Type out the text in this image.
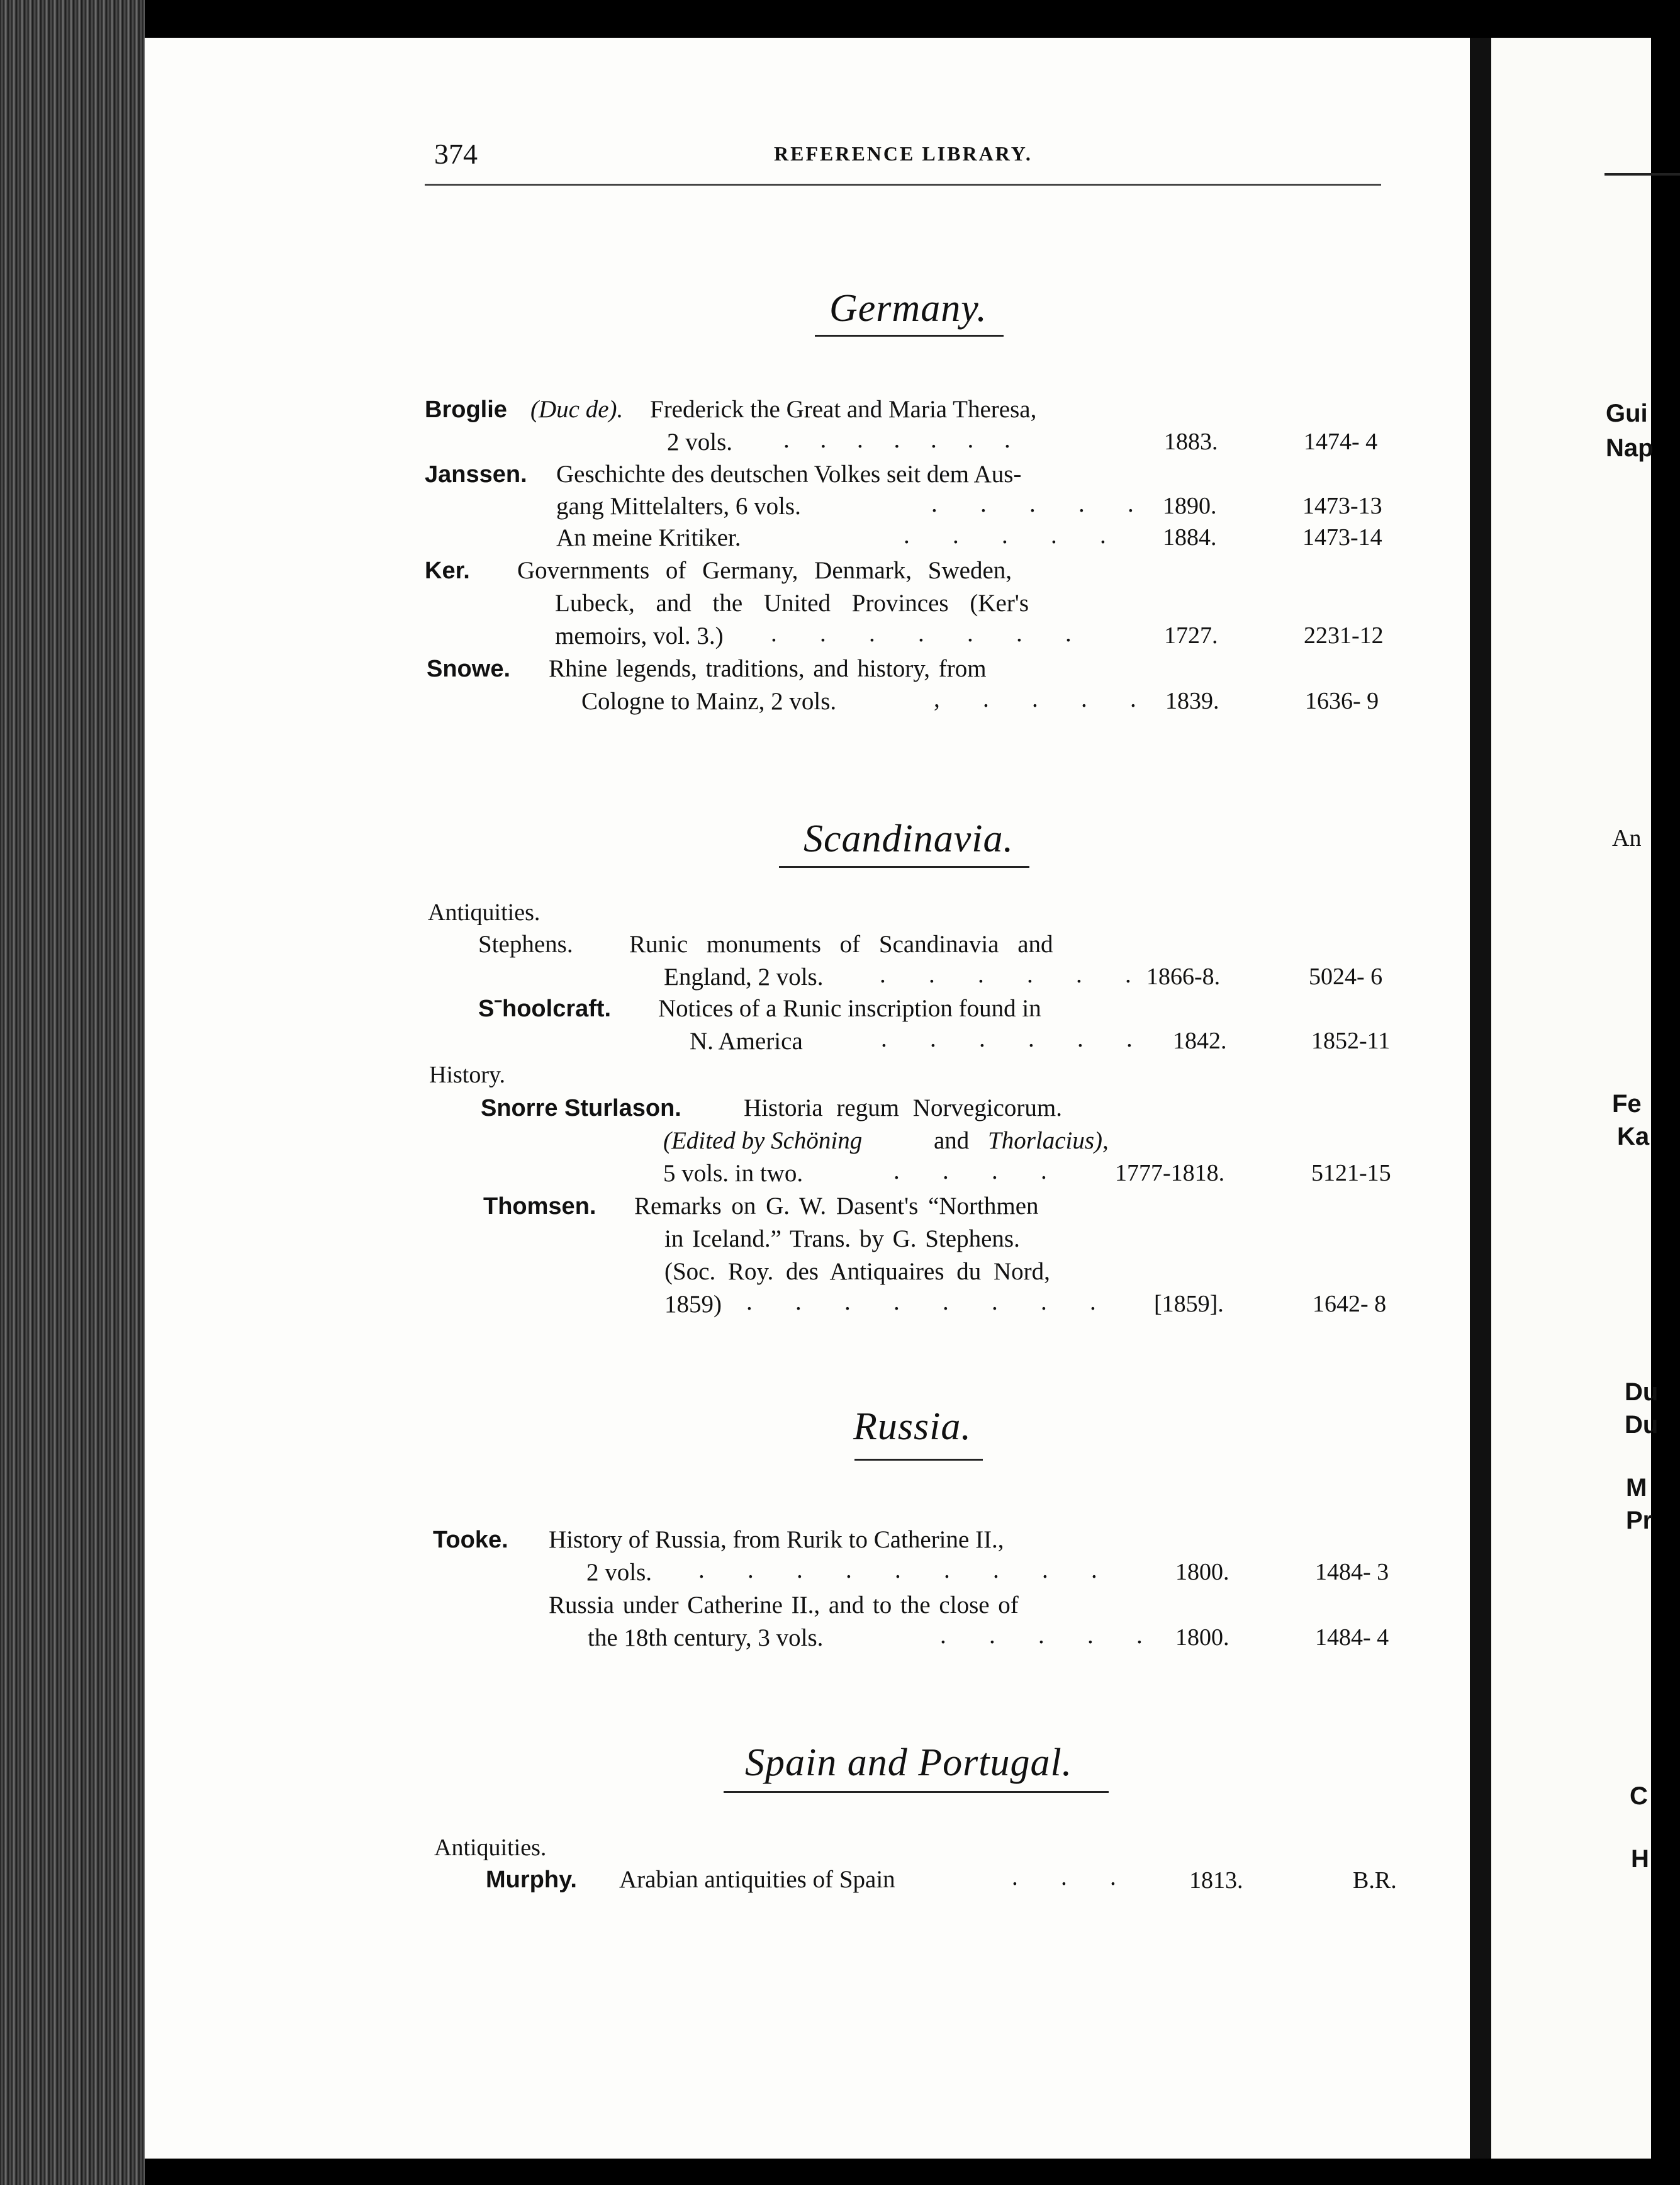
Gui
Nap
An
Fe
Ka
Du
Du
M
Pr
C
H
374	REFERENCE LIBRARY.
Germany.
Broglie (Duc de). Frederick the Great and Maria Theresa,
2 vols. .     .     .     .     .     .     .	1883.	1474- 4
Janssen. Geschichte des deutschen Volkes seit dem Aus-
gang Mittelalters, 6 vols.	.       .       .       .       . 1890.	1473-13
An meine Kritiker.	.       .       .       .       . 1884.	1473-14
Ker. Governments of Germany, Denmark, Sweden,
Lubeck, and the United Provinces (Ker's
memoirs, vol. 3.) .       .       .       .       .       .       .	1727.	2231-12
Snowe. Rhine legends, traditions, and history, from
Cologne to Mainz, 2 vols.	,       .       .       .       . 1839.	1636- 9
Scandinavia.
Antiquities.
Stephens. Runic monuments of Scandinavia and
England, 2 vols. .       .       .       .       .       . 1866-8.	5024- 6
Sˉhoolcraft. Notices of a Runic inscription found in
N. America	.       .       .       .       .       . 1842.	1852-11
History.
Snorre Sturlason.	Historia regum Norvegicorum.
(Edited by Schöning	and Thorlacius),
5 vols. in two.	.       .       .       .	1777-1818.	5121-15
Thomsen. Remarks on G. W. Dasent's “Northmen
in Iceland.” Trans. by G. Stephens.
(Soc. Roy. des Antiquaires du Nord,
1859) .       .       .       .       .       .       .       . [1859].	1642- 8
Russia.
Tooke. History of Russia, from Rurik to Catherine II.,
2 vols. .       .       .       .       .       .       .       .       .	1800.	1484- 3
Russia under Catherine II., and to the close of
the 18th century, 3 vols.	.       .       .       .       . 1800.	1484- 4
Spain and Portugal.
Antiquities.
Murphy. Arabian antiquities of Spain	.       .       .	1813.	B.R.
